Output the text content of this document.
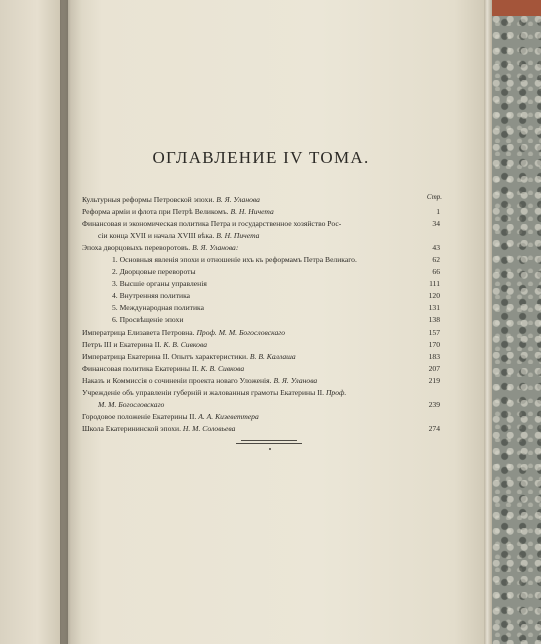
ОГЛАВЛЕНИЕ IV ТОМА.
Стр.
Культурныя реформы Петровской эпохи. В. Я. Уланова
Реформа арміи и флота при Петрѣ Великомъ. В. Н. Ничета	1
Финансовая и экономическая политика Петра и государственное хозяйство Рос-	34
сіи конца XVII и начала XVIII вѣка. В. Н. Пичета
Эпоха дворцовыхъ переворотовъ. В. Я. Уланова:	43
1. Основныя явленія эпохи и отношеніе ихъ къ реформамъ Петра Великаго.	62
2. Дворцовые перевороты	66
3. Высшіе органы управленія	111
4. Внутренняя политика	120
5. Международная политика	131
6. Просвѣщеніе эпохи	138
Императрица Елизавета Петровна. Проф. М. М. Богословскаго	157
Петръ III и Екатерина II. К. В. Сивкова	170
Императрица Екатерина II. Опытъ характеристики. В. В. Каллаша	183
Финансовая политика Екатерины II. К. В. Сивкова	207
Наказъ и Коммиссія о сочиненіи проекта новаго Уложенія. В. Я. Уланова	219
Учрежденіе объ управленіи губерній и жалованныя грамоты Екатерины II. Проф.
М. М. Богословскаго	239
Городовое положеніе Екатерины II. А. А. Кизеветтера
Школа Екатерининской эпохи. Н. М. Соловьева	274
